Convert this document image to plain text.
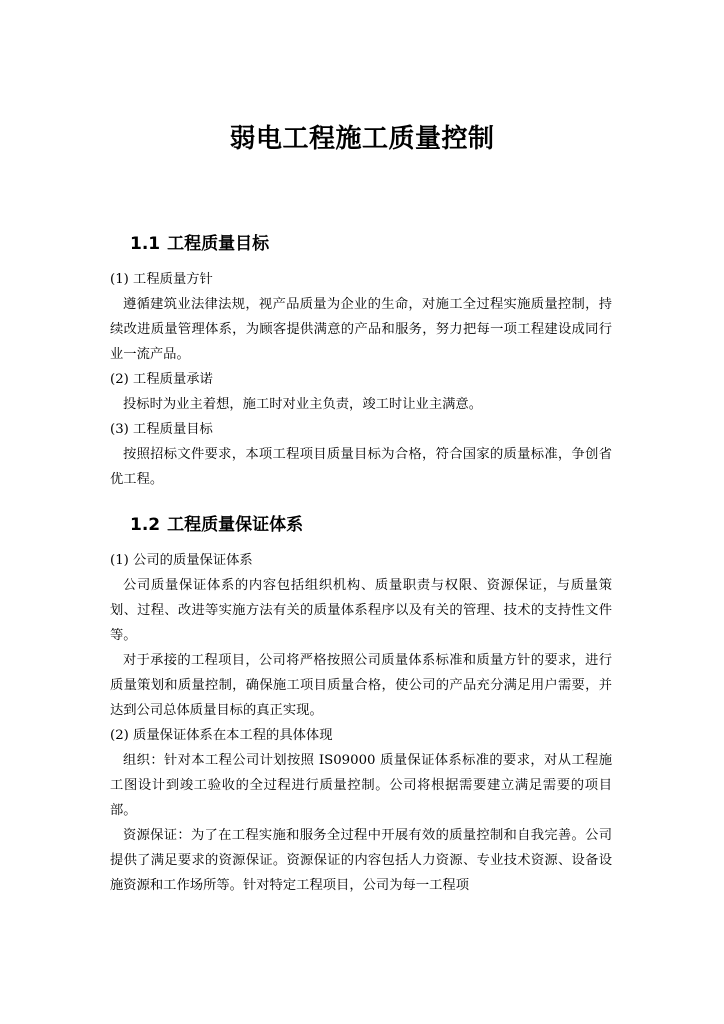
弱电工程施工质量控制
1.1 工程质量目标

(1) 工程质量方针

遵循建筑业法律法规，视产品质量为企业的生命，对施工全过程实施质量控制，持续改进质量管理体系，为顾客提供满意的产品和服务，努力把每一项工程建设成同行业一流产品。

(2) 工程质量承诺

投标时为业主着想，施工时对业主负责，竣工时让业主满意。

(3) 工程质量目标

按照招标文件要求，本项工程项目质量目标为合格，符合国家的质量标准，争创省优工程。

1.2 工程质量保证体系

(1) 公司的质量保证体系

公司质量保证体系的内容包括组织机构、质量职责与权限、资源保证，与质量策划、过程、改进等实施方法有关的质量体系程序以及有关的管理、技术的支持性文件等。

对于承接的工程项目，公司将严格按照公司质量体系标准和质量方针的要求，进行质量策划和质量控制，确保施工项目质量合格，使公司的产品充分满足用户需要，并达到公司总体质量目标的真正实现。

(2) 质量保证体系在本工程的具体体现

组织：针对本工程公司计划按照 IS09000 质量保证体系标准的要求，对从工程施工图设计到竣工验收的全过程进行质量控制。公司将根据需要建立满足需要的项目部。

资源保证：为了在工程实施和服务全过程中开展有效的质量控制和自我完善。公司提供了满足要求的资源保证。资源保证的内容包括人力资源、专业技术资源、设备设施资源和工作场所等。针对特定工程项目，公司为每一工程项
